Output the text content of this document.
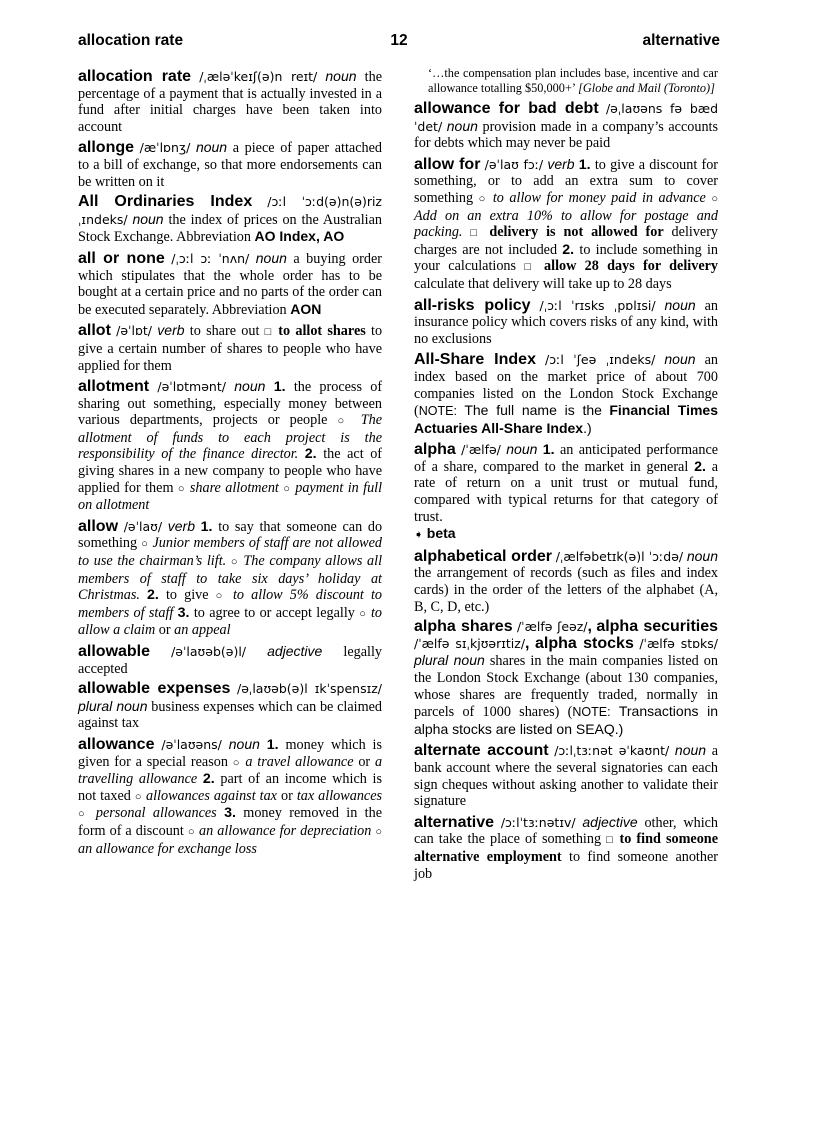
allocation rate	12	alternative
allocation rate /ˌæləˈkeɪʃ(ə)n reɪt/ noun the percentage of a payment that is actually invested in a fund after initial charges have been taken into account
allonge /æˈlɒnʒ/ noun a piece of paper attached to a bill of exchange, so that more endorsements can be written on it
All Ordinaries Index /ɔːl ˈɔːd(ə)n(ə)riz ˌɪndeks/ noun the index of prices on the Australian Stock Exchange. Abbreviation AO Index, AO
all or none /ˌɔːl ɔː ˈnʌn/ noun a buying order which stipulates that the whole order has to be bought at a certain price and no parts of the order can be executed separately. Abbreviation AON
allot /əˈlɒt/ verb to share out □ to allot shares to give a certain number of shares to people who have applied for them
allotment /əˈlɒtmənt/ noun 1. the process of sharing out something, especially money between various departments, projects or people ○ The allotment of funds to each project is the responsibility of the finance director. 2. the act of giving shares in a new company to people who have applied for them ○ share allotment ○ payment in full on allotment
allow /əˈlaʊ/ verb 1. to say that someone can do something ○ Junior members of staff are not allowed to use the chairman’s lift. ○ The company allows all members of staff to take six days’ holiday at Christmas. 2. to give ○ to allow 5% discount to members of staff 3. to agree to or accept legally ○ to allow a claim or an appeal
allowable /əˈlaʊəb(ə)l/ adjective legally accepted
allowable expenses /əˌlaʊəb(ə)l ɪkˈspensɪz/ plural noun business expenses which can be claimed against tax
allowance /əˈlaʊəns/ noun 1. money which is given for a special reason ○ a travel allowance or a travelling allowance 2. part of an income which is not taxed ○ allowances against tax or tax allowances ○ personal allowances 3. money removed in the form of a discount ○ an allowance for depreciation ○ an allowance for exchange loss
‘…the compensation plan includes base, incentive and car allowance totalling $50,000+’ [Globe and Mail (Toronto)]
allowance for bad debt /əˌlaʊəns fə bæd ˈdet/ noun provision made in a company’s accounts for debts which may never be paid
allow for /əˈlaʊ fɔː/ verb 1. to give a discount for something, or to add an extra sum to cover something ○ to allow for money paid in advance ○ Add on an extra 10% to allow for postage and packing. □ delivery is not allowed for delivery charges are not included 2. to include something in your calculations □ allow 28 days for delivery calculate that delivery will take up to 28 days
all-risks policy /ˌɔːl ˈrɪsks ˌpɒlɪsi/ noun an insurance policy which covers risks of any kind, with no exclusions
All-Share Index /ɔːl ˈʃeə ˌɪndeks/ noun an index based on the market price of about 700 companies listed on the London Stock Exchange (NOTE: The full name is the Financial Times Actuaries All-Share Index.)
alpha /ˈælfə/ noun 1. an anticipated performance of a share, compared to the market in general 2. a rate of return on a unit trust or mutual fund, compared with typical returns for that category of trust.
➧ beta
alphabetical order /ˌælfəbetɪk(ə)l ˈɔːdə/ noun the arrangement of records (such as files and index cards) in the order of the letters of the alphabet (A, B, C, D, etc.)
alpha shares /ˈælfə ʃeəz/, alpha securities /ˈælfə sɪˌkjʊərɪtiz/, alpha stocks /ˈælfə stɒks/ plural noun shares in the main companies listed on the London Stock Exchange (about 130 companies, whose shares are frequently traded, normally in parcels of 1000 shares) (NOTE: Transactions in alpha stocks are listed on SEAQ.)
alternate account /ɔːlˌtɜːnət əˈkaʊnt/ noun a bank account where the several signatories can each sign cheques without asking another to validate their signature
alternative /ɔːlˈtɜːnətɪv/ adjective other, which can take the place of something □ to find someone alternative employment to find someone another job
